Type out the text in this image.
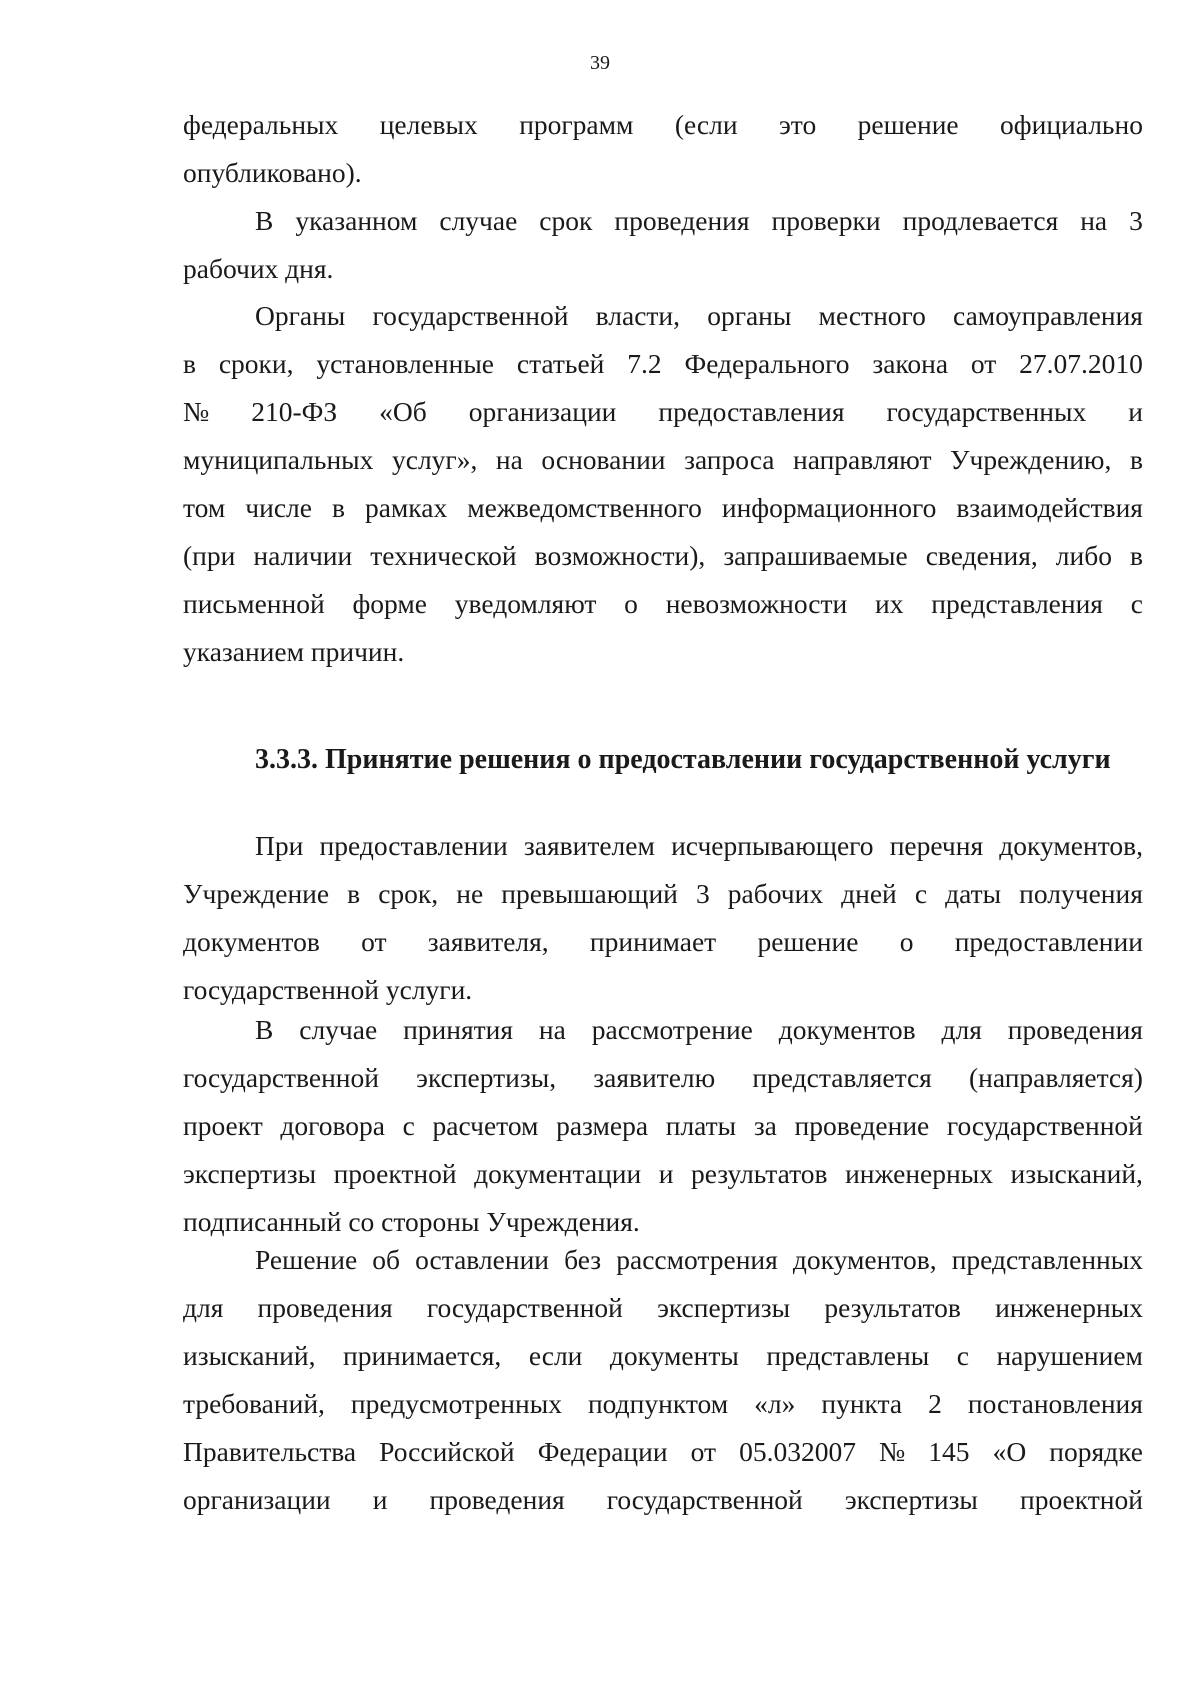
39
федеральных целевых программ (если это решение официально
опубликовано).
В указанном случае срок проведения проверки продлевается на 3
рабочих дня.
Органы государственной власти, органы местного самоуправления
в сроки, установленные статьей 7.2 Федерального закона от 27.07.2010
№ 210-ФЗ «Об организации предоставления государственных и
муниципальных услуг», на основании запроса направляют Учреждению, в
том числе в рамках межведомственного информационного взаимодействия
(при наличии технической возможности), запрашиваемые сведения, либо в
письменной форме уведомляют о невозможности их представления с
указанием причин.
3.3.3. Принятие решения о предоставлении государственной услуги
При предоставлении заявителем исчерпывающего перечня документов,
Учреждение в срок, не превышающий 3 рабочих дней с даты получения
документов от заявителя, принимает решение о предоставлении
государственной услуги.
В случае принятия на рассмотрение документов для проведения
государственной экспертизы, заявителю представляется (направляется)
проект договора с расчетом размера платы за проведение государственной
экспертизы проектной документации и результатов инженерных изысканий,
подписанный со стороны Учреждения.
Решение об оставлении без рассмотрения документов, представленных
для проведения государственной экспертизы результатов инженерных
изысканий, принимается, если документы представлены с нарушением
требований, предусмотренных подпунктом «л» пункта 2 постановления
Правительства Российской Федерации от 05.032007 № 145 «О порядке
организации и проведения государственной экспертизы проектной
